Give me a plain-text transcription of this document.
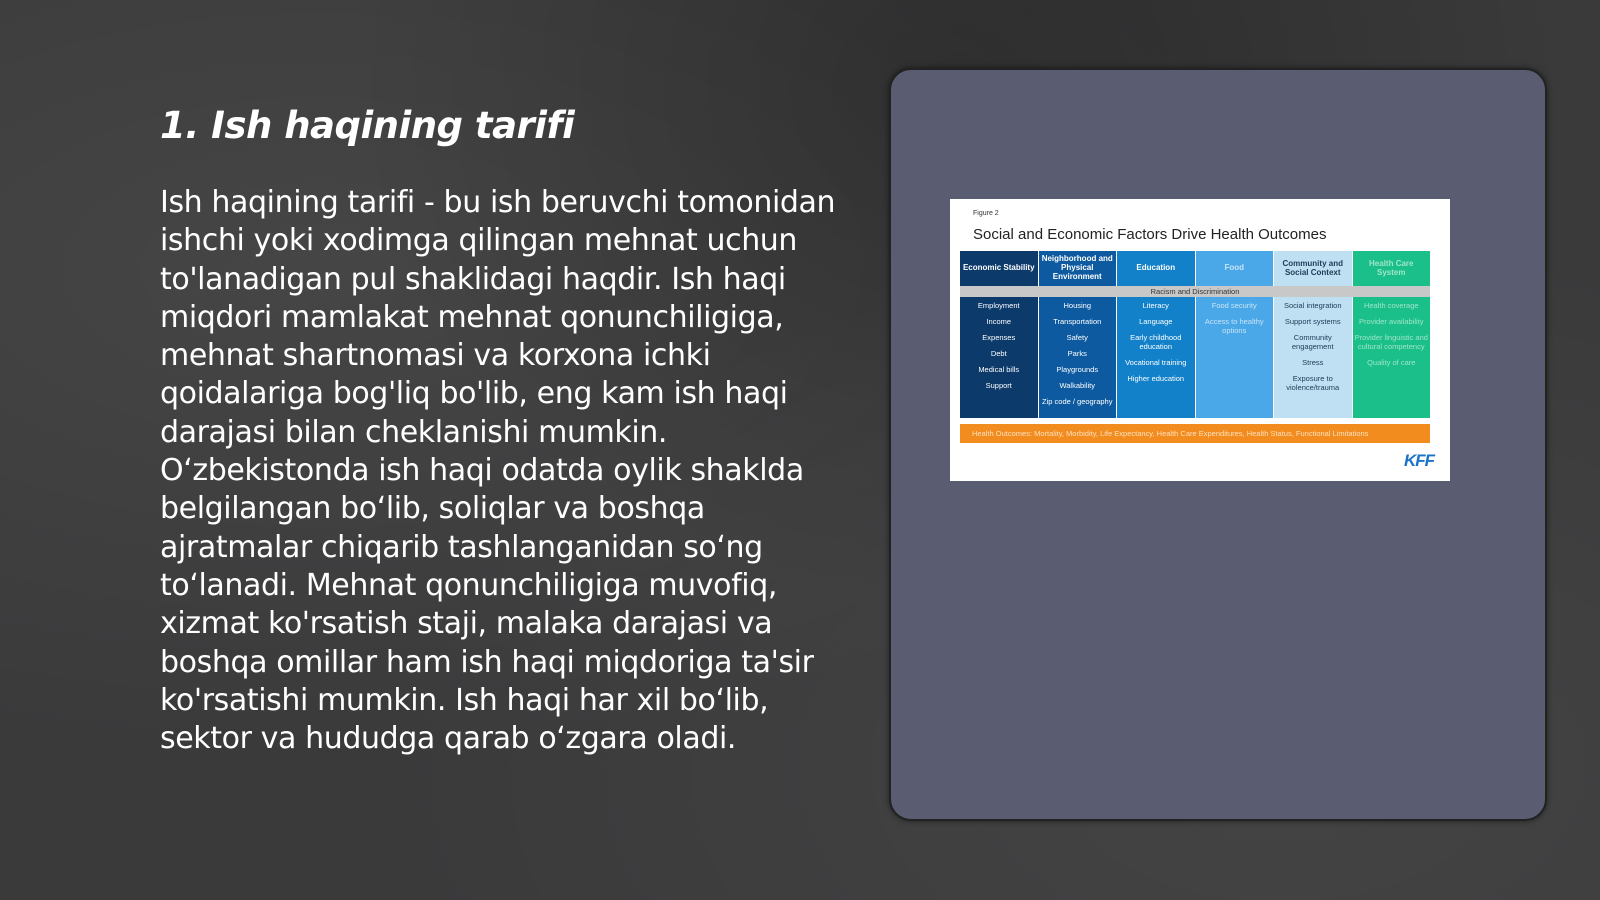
1. Ish haqining tarifi

Ish haqining tarifi - bu ish beruvchi tomonidan ishchi yoki xodimga qilingan mehnat uchun to'lanadigan pul shaklidagi haqdir. Ish haqi miqdori mamlakat mehnat qonunchiligiga, mehnat shartnomasi va korxona ichki qoidalariga bog'liq bo'lib, eng kam ish haqi darajasi bilan cheklanishi mumkin. O‘zbekistonda ish haqi odatda oylik shaklda belgilangan bo‘lib, soliqlar va boshqa ajratmalar chiqarib tashlanganidan so‘ng to‘lanadi. Mehnat qonunchiligiga muvofiq, xizmat ko'rsatish staji, malaka darajasi va boshqa omillar ham ish haqi miqdoriga ta'sir ko'rsatishi mumkin. Ish haqi har xil bo‘lib, sektor va hududga qarab o‘zgara oladi.

Figure 2
Social and Economic Factors Drive Health Outcomes
Economic Stability
Employment
Income
Expenses
Debt
Medical bills
Support
Neighborhood and Physical Environment
Housing
Transportation
Safety
Parks
Playgrounds
Walkability
Zip code / geography
Education
Literacy
Language
Early childhood education
Vocational training
Higher education
Food
Food security
Access to healthy options
Community and Social Context
Social integration
Support systems
Community engagement
Stress
Exposure to violence/trauma
Health Care System
Health coverage
Provider availability
Provider linguistic and cultural competency
Quality of care
Racism and Discrimination
Health Outcomes: Mortality, Morbidity, Life Expectancy, Health Care Expenditures, Health Status, Functional Limitations
KFF
